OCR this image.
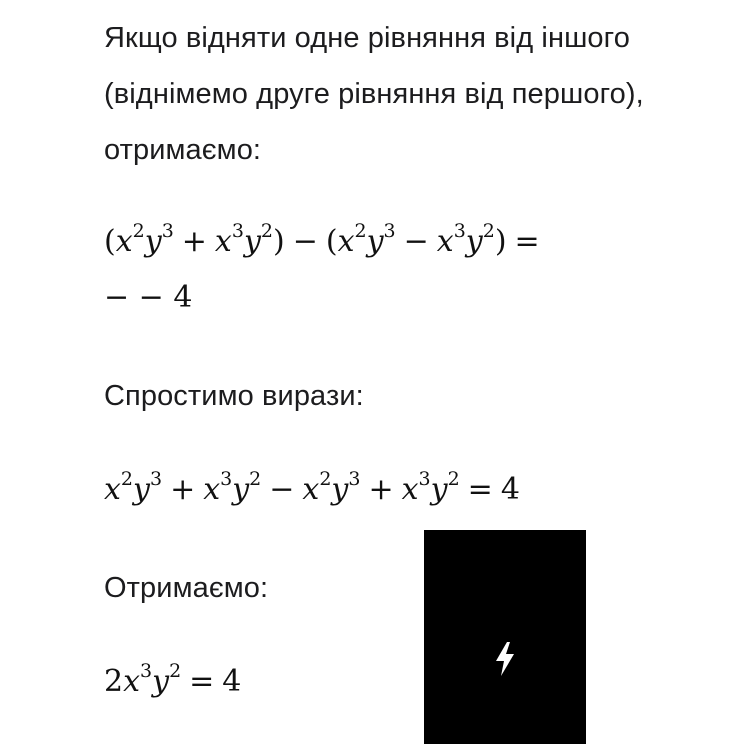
Якщо відняти одне рівняння від іншого
(віднімемо друге рівняння від першого),
отримаємо:
$(x^2y^3 + x^3y^2) - (x^2y^3 - x^3y^2)$ =
− − 4
Спростимо вирази:
$x^2y^3 + x^3y^2 - x^2y^3 + x^3y^2 = 4$
Отримаємо:
$2x^3y^2 = 4$
